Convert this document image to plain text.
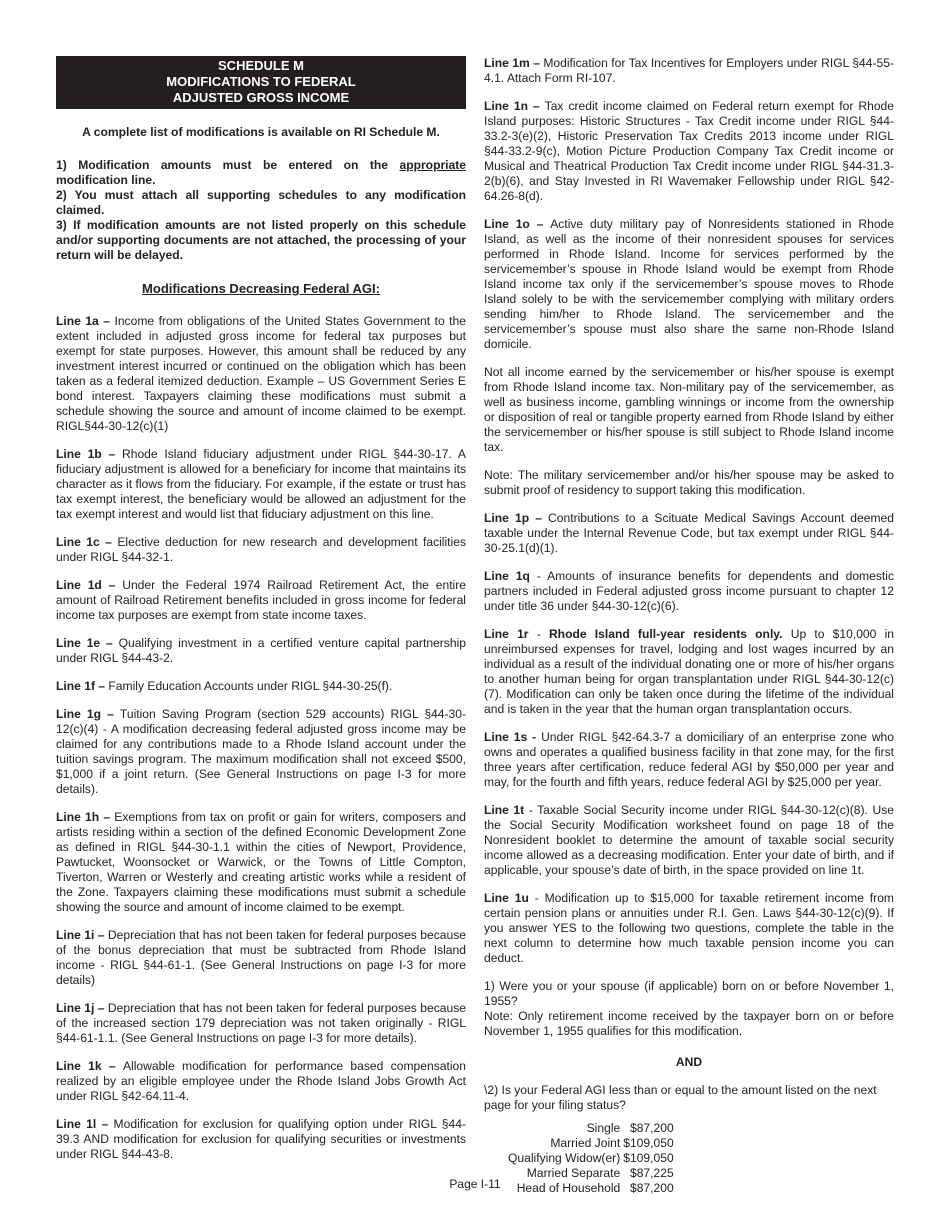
SCHEDULE M
MODIFICATIONS TO FEDERAL
ADJUSTED GROSS INCOME
A complete list of modifications is available on RI Schedule M.
1) Modification amounts must be entered on the appropriate modification line.
2) You must attach all supporting schedules to any modification claimed.
3) If modification amounts are not listed properly on this schedule and/or supporting documents are not attached, the processing of your return will be delayed.
Modifications Decreasing Federal AGI:
Line 1a – Income from obligations of the United States Government to the extent included in adjusted gross income for federal tax purposes but exempt for state purposes. However, this amount shall be reduced by any investment interest incurred or continued on the obligation which has been taken as a federal itemized deduction. Example – US Government Series E bond interest. Taxpayers claiming these modifications must submit a schedule showing the source and amount of income claimed to be exempt. RIGL§44-30-12(c)(1)
Line 1b – Rhode Island fiduciary adjustment under RIGL §44-30-17. A fiduciary adjustment is allowed for a beneficiary for income that maintains its character as it flows from the fiduciary. For example, if the estate or trust has tax exempt interest, the beneficiary would be allowed an adjustment for the tax exempt interest and would list that fiduciary adjustment on this line.
Line 1c – Elective deduction for new research and development facilities under RIGL §44-32-1.
Line 1d – Under the Federal 1974 Railroad Retirement Act, the entire amount of Railroad Retirement benefits included in gross income for federal income tax purposes are exempt from state income taxes.
Line 1e – Qualifying investment in a certified venture capital partnership under RIGL §44-43-2.
Line 1f – Family Education Accounts under RIGL §44-30-25(f).
Line 1g – Tuition Saving Program (section 529 accounts) RIGL §44-30-12(c)(4) - A modification decreasing federal adjusted gross income may be claimed for any contributions made to a Rhode Island account under the tuition savings program. The maximum modification shall not exceed $500, $1,000 if a joint return. (See General Instructions on page I-3 for more details).
Line 1h – Exemptions from tax on profit or gain for writers, composers and artists residing within a section of the defined Economic Development Zone as defined in RIGL §44-30-1.1 within the cities of Newport, Providence, Pawtucket, Woonsocket or Warwick, or the Towns of Little Compton, Tiverton, Warren or Westerly and creating artistic works while a resident of the Zone. Taxpayers claiming these modifications must submit a schedule showing the source and amount of income claimed to be exempt.
Line 1i – Depreciation that has not been taken for federal purposes because of the bonus depreciation that must be subtracted from Rhode Island income - RIGL §44-61-1. (See General Instructions on page I-3 for more details)
Line 1j – Depreciation that has not been taken for federal purposes because of the increased section 179 depreciation was not taken originally - RIGL §44-61-1.1. (See General Instructions on page I-3 for more details).
Line 1k – Allowable modification for performance based compensation realized by an eligible employee under the Rhode Island Jobs Growth Act under RIGL §42-64.11-4.
Line 1l – Modification for exclusion for qualifying option under RIGL §44-39.3 AND modification for exclusion for qualifying securities or investments under RIGL §44-43-8.
Line 1m – Modification for Tax Incentives for Employers under RIGL §44-55-4.1. Attach Form RI-107.
Line 1n – Tax credit income claimed on Federal return exempt for Rhode Island purposes: Historic Structures - Tax Credit income under RIGL §44-33.2-3(e)(2), Historic Preservation Tax Credits 2013 income under RIGL §44-33.2-9(c), Motion Picture Production Company Tax Credit income or Musical and Theatrical Production Tax Credit income under RIGL §44-31.3-2(b)(6), and Stay Invested in RI Wavemaker Fellowship under RIGL §42-64.26-8(d).
Line 1o – Active duty military pay of Nonresidents stationed in Rhode Island, as well as the income of their nonresident spouses for services performed in Rhode Island. Income for services performed by the servicemember’s spouse in Rhode Island would be exempt from Rhode Island income tax only if the servicemember’s spouse moves to Rhode Island solely to be with the servicemember complying with military orders sending him/her to Rhode Island. The servicemember and the servicemember’s spouse must also share the same non-Rhode Island domicile.
Not all income earned by the servicemember or his/her spouse is exempt from Rhode Island income tax. Non-military pay of the servicemember, as well as business income, gambling winnings or income from the ownership or disposition of real or tangible property earned from Rhode Island by either the servicemember or his/her spouse is still subject to Rhode Island income tax.
Note: The military servicemember and/or his/her spouse may be asked to submit proof of residency to support taking this modification.
Line 1p – Contributions to a Scituate Medical Savings Account deemed taxable under the Internal Revenue Code, but tax exempt under RIGL §44-30-25.1(d)(1).
Line 1q - Amounts of insurance benefits for dependents and domestic partners included in Federal adjusted gross income pursuant to chapter 12 under title 36 under §44-30-12(c)(6).
Line 1r - Rhode Island full-year residents only. Up to $10,000 in unreimbursed expenses for travel, lodging and lost wages incurred by an individual as a result of the individual donating one or more of his/her organs to another human being for organ transplantation under RIGL §44-30-12(c)(7). Modification can only be taken once during the lifetime of the individual and is taken in the year that the human organ transplantation occurs.
Line 1s - Under RIGL §42-64.3-7 a domiciliary of an enterprise zone who owns and operates a qualified business facility in that zone may, for the first three years after certification, reduce federal AGI by $50,000 per year and may, for the fourth and fifth years, reduce federal AGI by $25,000 per year.
Line 1t - Taxable Social Security income under RIGL §44-30-12(c)(8). Use the Social Security Modification worksheet found on page 18 of the Nonresident booklet to determine the amount of taxable social security income allowed as a decreasing modification. Enter your date of birth, and if applicable, your spouse’s date of birth, in the space provided on line 1t.
Line 1u - Modification up to $15,000 for taxable retirement income from certain pension plans or annuities under R.I. Gen. Laws §44-30-12(c)(9). If you answer YES to the following two questions, complete the table in the next column to determine how much taxable pension income you can deduct.
1) Were you or your spouse (if applicable) born on or before November 1, 1955?
Note: Only retirement income received by the taxpayer born on or before November 1, 1955 qualifies for this modification.
AND
\2) Is your Federal AGI less than or equal to the amount listed on the next page for your filing status?
Single	$87,200
Married Joint	$109,050
Qualifying Widow(er)	$109,050
Married Separate	$87,225
Head of Household	$87,200
Page I-11
